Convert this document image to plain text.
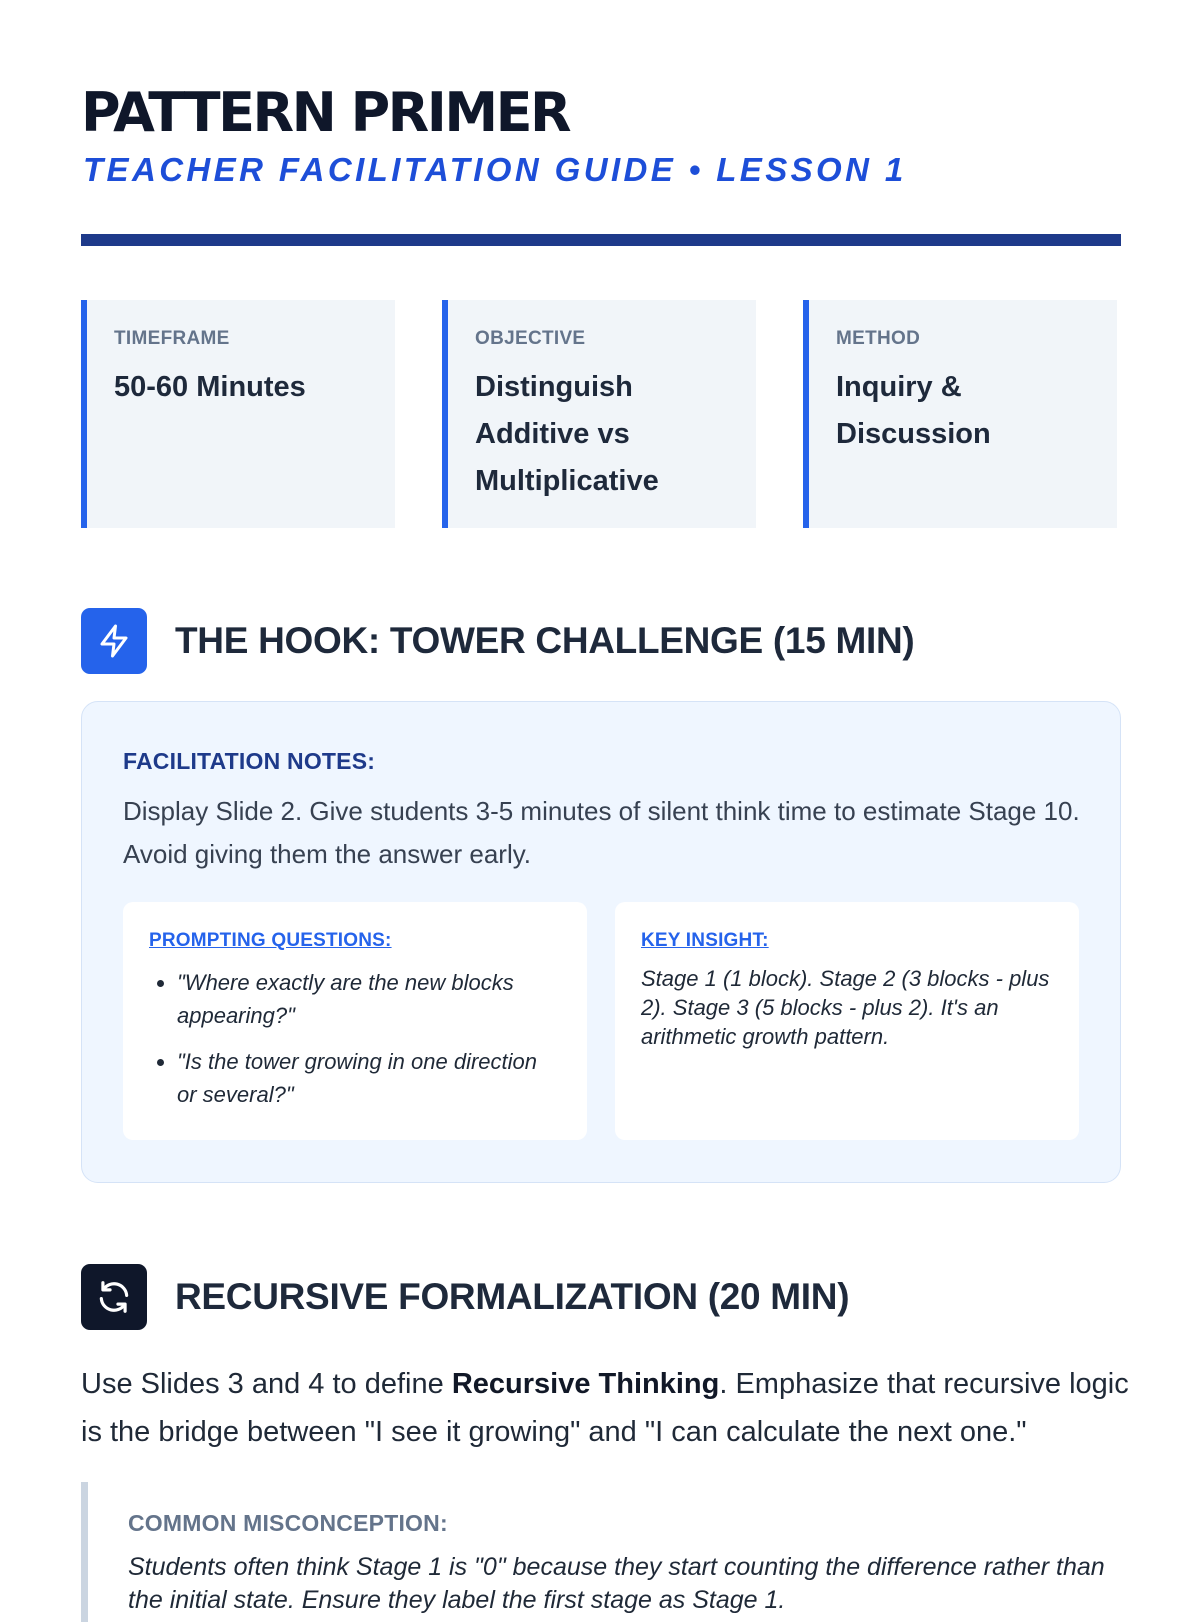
PATTERN PRIMER
TEACHER FACILITATION GUIDE • LESSON 1
TIMEFRAME
50-60 Minutes
OBJECTIVE
Distinguish Additive vs Multiplicative
METHOD
Inquiry & Discussion
THE HOOK: TOWER CHALLENGE (15 MIN)
FACILITATION NOTES:
Display Slide 2. Give students 3-5 minutes of silent think time to estimate Stage 10. Avoid giving them the answer early.
PROMPTING QUESTIONS:
• "Where exactly are the new blocks appearing?"
• "Is the tower growing in one direction or several?"
KEY INSIGHT:
Stage 1 (1 block). Stage 2 (3 blocks - plus 2). Stage 3 (5 blocks - plus 2). It's an arithmetic growth pattern.
RECURSIVE FORMALIZATION (20 MIN)
Use Slides 3 and 4 to define Recursive Thinking. Emphasize that recursive logic is the bridge between "I see it growing" and "I can calculate the next one."
COMMON MISCONCEPTION:
Students often think Stage 1 is "0" because they start counting the difference rather than the initial state. Ensure they label the first stage as Stage 1.
